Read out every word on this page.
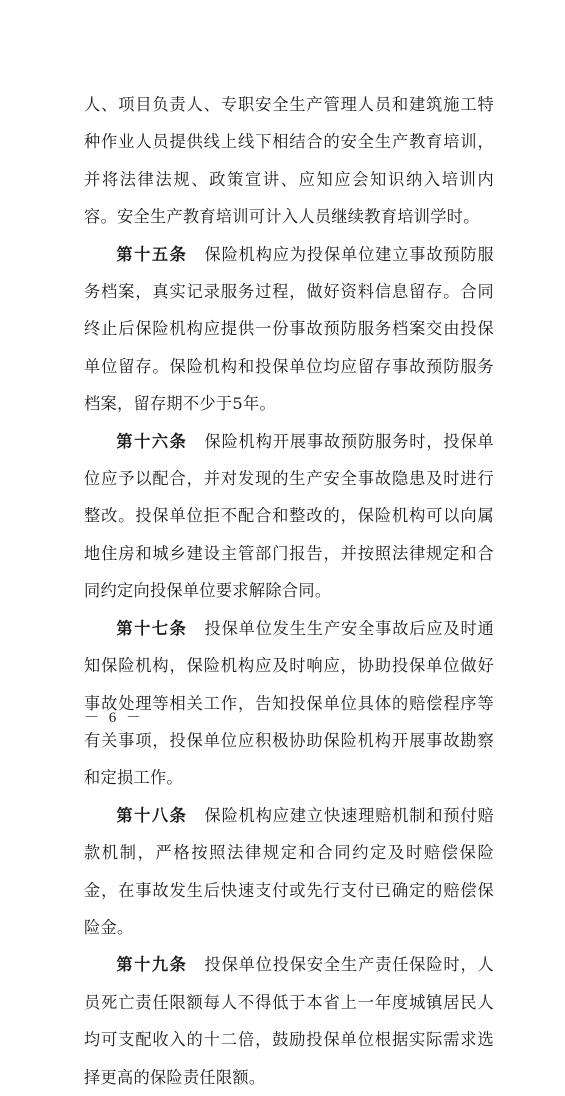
人、项目负责人、专职安全生产管理人员和建筑施工特种作业人员提供线上线下相结合的安全生产教育培训，并将法律法规、政策宣讲、应知应会知识纳入培训内容。安全生产教育培训可计入人员继续教育培训学时。

第十五条　 保险机构应为投保单位建立事故预防服务档案，真实记录服务过程，做好资料信息留存。合同终止后保险机构应提供一份事故预防服务档案交由投保单位留存。保险机构和投保单位均应留存事故预防服务档案，留存期不少于5年。

第十六条　 保险机构开展事故预防服务时，投保单位应予以配合，并对发现的生产安全事故隐患及时进行整改。投保单位拒不配合和整改的，保险机构可以向属地住房和城乡建设主管部门报告，并按照法律规定和合同约定向投保单位要求解除合同。

第十七条　 投保单位发生生产安全事故后应及时通知保险机构，保险机构应及时响应，协助投保单位做好事故处理等相关工作，告知投保单位具体的赔偿程序等有关事项，投保单位应积极协助保险机构开展事故勘察和定损工作。

第十八条　 保险机构应建立快速理赔机制和预付赔款机制，严格按照法律规定和合同约定及时赔偿保险金，在事故发生后快速支付或先行支付已确定的赔偿保险金。

第十九条　 投保单位投保安全生产责任保险时，人员死亡责任限额每人不得低于本省上一年度城镇居民人均可支配收入的十二倍，鼓励投保单位根据实际需求选择更高的保险责任限额。

－ 6 －
